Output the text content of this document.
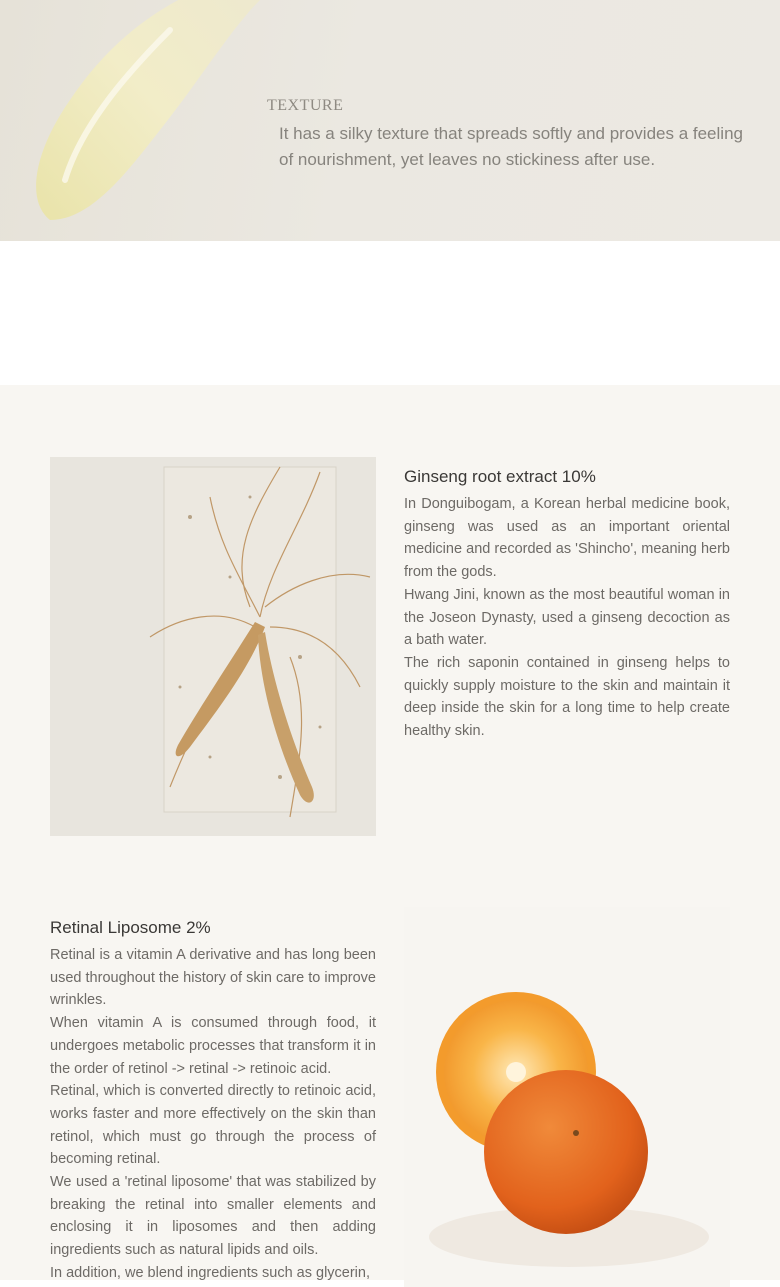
TEXTURE
It has a silky texture that spreads softly and provides a feeling of nourishment, yet leaves no stickiness after use.
Ginseng root extract 10%

In Donguibogam, a Korean herbal medicine book, ginseng was used as an important oriental medicine and recorded as 'Shincho', meaning herb from the gods.

Hwang Jini, known as the most beautiful woman in the Joseon Dynasty, used a ginseng decoction as a bath water.

The rich saponin contained in ginseng helps to quickly supply moisture to the skin and maintain it deep inside the skin for a long time to help create healthy skin.

Retinal Liposome 2%

Retinal is a vitamin A derivative and has long been used throughout the history of skin care to improve wrinkles.

When vitamin A is consumed through food, it undergoes metabolic processes that transform it in the order of retinol -> retinal -> retinoic acid.

Retinal, which is converted directly to retinoic acid, works faster and more effectively on the skin than retinol, which must go through the process of becoming retinal.

We used a 'retinal liposome' that was stabilized by breaking the retinal into smaller elements and enclosing it in liposomes and then adding ingredients such as natural lipids and oils.

In addition, we blend ingredients such as glycerin,
